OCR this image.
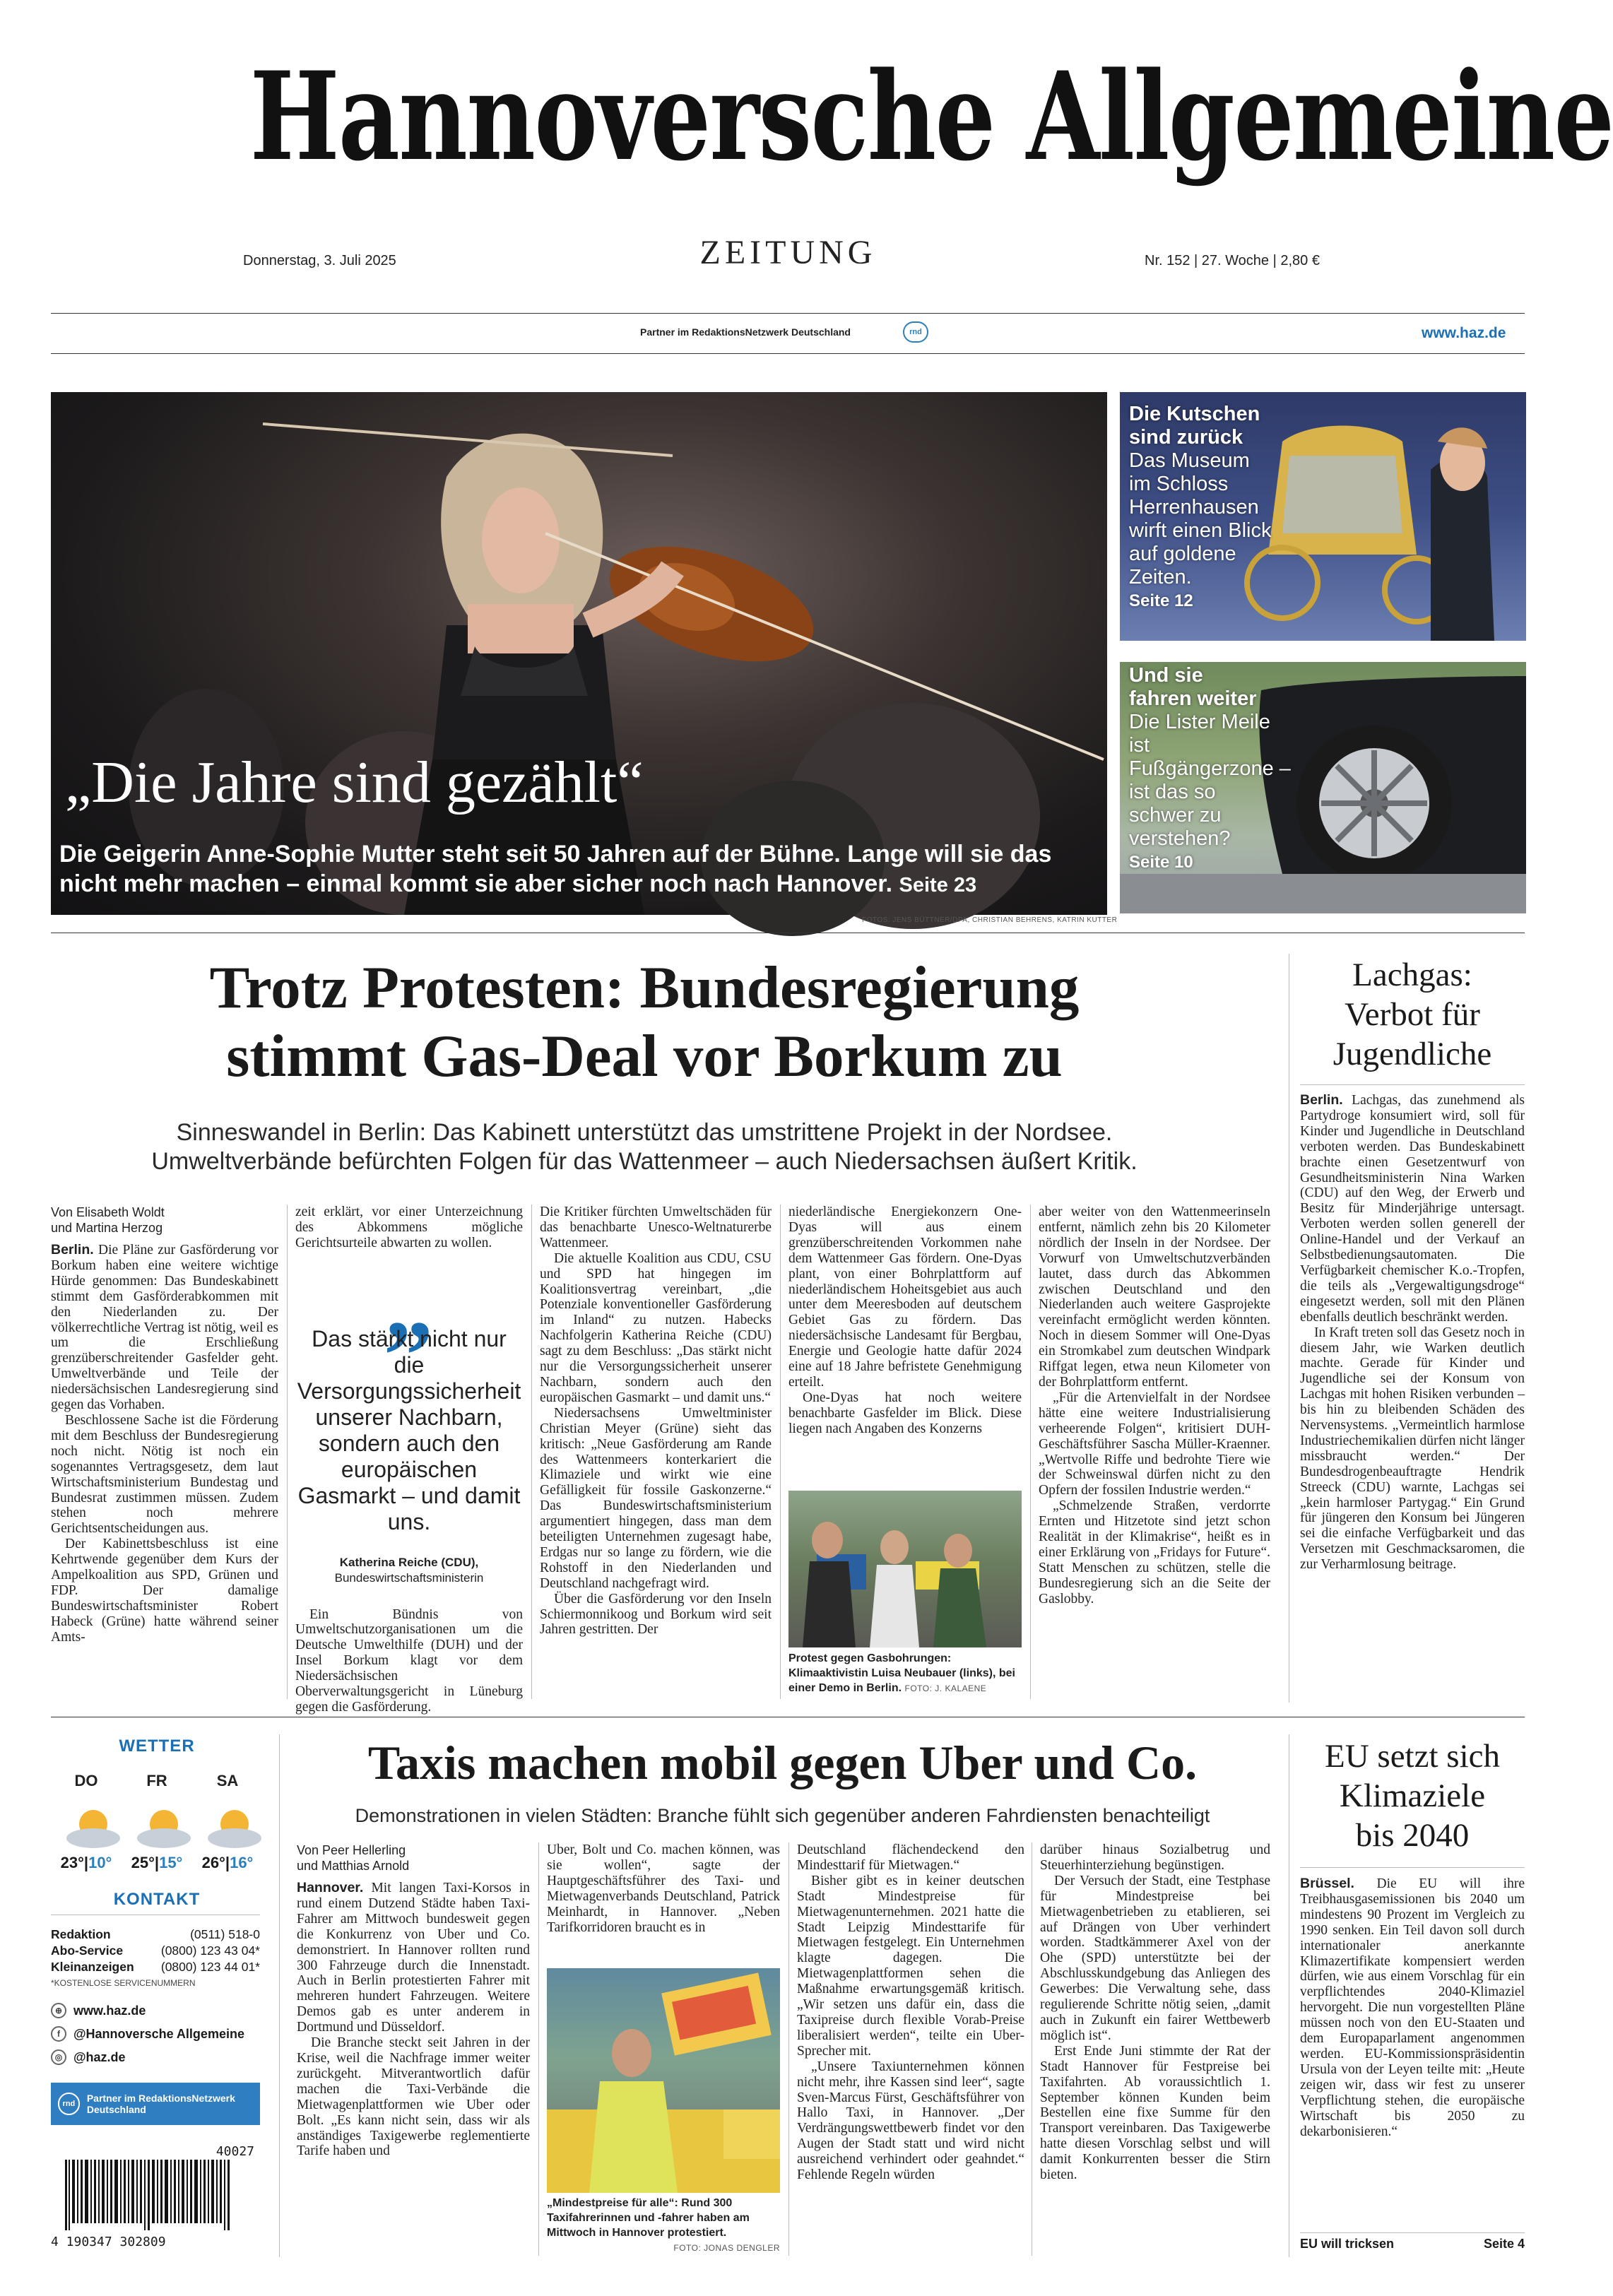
Hannoversche Allgemeine
ZEITUNG
Donnerstag, 3. Juli 2025	Nr. 152 | 27. Woche | 2,80 €
Partner im RedaktionsNetzwerk Deutschland	rnd	www.haz.de
„Die Jahre sind gezählt“
Die Geigerin Anne-Sophie Mutter steht seit 50 Jahren auf der Bühne. Lange will sie das nicht mehr machen – einmal kommt sie aber sicher noch nach Hannover. Seite 23
FOTOS: JENS BÜTTNER/DPA, CHRISTIAN BEHRENS, KATRIN KUTTER
Die Kutschen
sind zurück
Das Museum
im Schloss
Herrenhausen
wirft einen Blick
auf goldene
Zeiten.
Seite 12
Und sie
fahren weiter
Die Lister Meile
ist
Fußgängerzone –
ist das so
schwer zu
verstehen?
Seite 10
Trotz Protesten: Bundesregierung
stimmt Gas-Deal vor Borkum zu
Sinneswandel in Berlin: Das Kabinett unterstützt das umstrittene Projekt in der Nordsee.
Umweltverbände befürchten Folgen für das Wattenmeer – auch Niedersachsen äußert Kritik.
Von Elisabeth Woldt
und Martina Herzog

Berlin. Die Pläne zur Gasförderung vor Borkum haben eine weitere wichtige Hürde genommen: Das Bundeskabinett stimmt dem Gasförderabkommen mit den Niederlanden zu. Der völkerrechtliche Vertrag ist nötig, weil es um die Erschließung grenzüberschreitender Gasfelder geht. Umweltverbände und Teile der niedersächsischen Landesregierung sind gegen das Vorhaben.

Beschlossene Sache ist die Förderung mit dem Beschluss der Bundesregierung noch nicht. Nötig ist noch ein sogenanntes Vertragsgesetz, dem laut Wirtschaftsministerium Bundestag und Bundesrat zustimmen müssen. Zudem stehen noch mehrere Gerichtsentscheidungen aus.

Der Kabinettsbeschluss ist eine Kehrtwende gegenüber dem Kurs der Ampelkoalition aus SPD, Grünen und FDP. Der damalige Bundeswirtschaftsminister Robert Habeck (Grüne) hatte während seiner Amts-

zeit erklärt, vor einer Unterzeichnung des Abkommens mögliche Gerichtsurteile abwarten zu wollen.

„
Das stärkt nicht nur die Versorgungssicherheit unserer Nachbarn, sondern auch den europäischen Gasmarkt – und damit uns.
Katherina Reiche (CDU),
Bundeswirtschaftsministerin

Ein Bündnis von Umweltschutzorganisationen um die Deutsche Umwelthilfe (DUH) und der Insel Borkum klagt vor dem Niedersächsischen Oberverwaltungsgericht in Lüneburg gegen die Gasförderung.

Die Kritiker fürchten Umweltschäden für das benachbarte Unesco-Weltnaturerbe Wattenmeer.

Die aktuelle Koalition aus CDU, CSU und SPD hat hingegen im Koalitionsvertrag vereinbart, „die Potenziale konventioneller Gasförderung im Inland“ zu nutzen. Habecks Nachfolgerin Katherina Reiche (CDU) sagt zu dem Beschluss: „Das stärkt nicht nur die Versorgungssicherheit unserer Nachbarn, sondern auch den europäischen Gasmarkt – und damit uns.“

Niedersachsens Umweltminister Christian Meyer (Grüne) sieht das kritisch: „Neue Gasförderung am Rande des Wattenmeers konterkariert die Klimaziele und wirkt wie eine Gefälligkeit für fossile Gaskonzerne.“ Das Bundeswirtschaftsministerium argumentiert hingegen, dass man dem beteiligten Unternehmen zugesagt habe, Erdgas nur so lange zu fördern, wie die Rohstoff in den Niederlanden und Deutschland nachgefragt wird.

Über die Gasförderung vor den Inseln Schiermonnikoog und Borkum wird seit Jahren gestritten. Der

niederländische Energiekonzern One-Dyas will aus einem grenzüberschreitenden Vorkommen nahe dem Wattenmeer Gas fördern. One-Dyas plant, von einer Bohrplattform auf niederländischem Hoheitsgebiet aus auch unter dem Meeresboden auf deutschem Gebiet Gas zu fördern. Das niedersächsische Landesamt für Bergbau, Energie und Geologie hatte dafür 2024 eine auf 18 Jahre befristete Genehmigung erteilt.

One-Dyas hat noch weitere benachbarte Gasfelder im Blick. Diese liegen nach Angaben des Konzerns

Protest gegen Gasbohrungen: Klimaaktivistin Luisa Neubauer (links), bei einer Demo in Berlin. FOTO: J. KALAENE

aber weiter von den Wattenmeerinseln entfernt, nämlich zehn bis 20 Kilometer nördlich der Inseln in der Nordsee. Der Vorwurf von Umweltschutzverbänden lautet, dass durch das Abkommen zwischen Deutschland und den Niederlanden auch weitere Gasprojekte vereinfacht ermöglicht werden könnten. Noch in diesem Sommer will One-Dyas ein Stromkabel zum deutschen Windpark Riffgat legen, etwa neun Kilometer von der Bohrplattform entfernt.

„Für die Artenvielfalt in der Nordsee hätte eine weitere Industrialisierung verheerende Folgen“, kritisiert DUH-Geschäftsführer Sascha Müller-Kraenner. „Wertvolle Riffe und bedrohte Tiere wie der Schweinswal dürfen nicht zu den Opfern der fossilen Industrie werden.“

„Schmelzende Straßen, verdorrte Ernten und Hitzetote sind jetzt schon Realität in der Klimakrise“, heißt es in einer Erklärung von „Fridays for Future“. Statt Menschen zu schützen, stelle die Bundesregierung sich an die Seite der Gaslobby.

Lachgas:
Verbot für
Jugendliche

Berlin. Lachgas, das zunehmend als Partydroge konsumiert wird, soll für Kinder und Jugendliche in Deutschland verboten werden. Das Bundeskabinett brachte einen Gesetzentwurf von Gesundheitsministerin Nina Warken (CDU) auf den Weg, der Erwerb und Besitz für Minderjährige untersagt. Verboten werden sollen generell der Online-Handel und der Verkauf an Selbstbedienungsautomaten. Die Verfügbarkeit chemischer K.o.-Tropfen, die teils als „Vergewaltigungsdroge“ eingesetzt werden, soll mit den Plänen ebenfalls deutlich beschränkt werden.

In Kraft treten soll das Gesetz noch in diesem Jahr, wie Warken deutlich machte. Gerade für Kinder und Jugendliche sei der Konsum von Lachgas mit hohen Risiken verbunden – bis hin zu bleibenden Schäden des Nervensystems. „Vermeintlich harmlose Industriechemikalien dürfen nicht länger missbraucht werden.“ Der Bundesdrogenbeauftragte Hendrik Streeck (CDU) warnte, Lachgas sei „kein harmloser Partygag.“ Ein Grund für jüngeren den Konsum bei Jüngeren sei die einfache Verfügbarkeit und das Versetzen mit Geschmacksaromen, die zur Verharmlosung beitrage.

WETTER
DO	FR	SA
23°|10°	25°|15°	26°|16°
KONTAKT
Redaktion	(0511) 518-0
Abo-Service	(0800) 123 43 04*
Kleinanzeigen (0800) 123 44 01*
*KOSTENLOSE SERVICENUMMERN
⊕ www.haz.de
f	@Hannoversche Allgemeine
◎ @haz.de
rnd	Partner im RedaktionsNetzwerk Deutschland
40027
4 190347 302809
Taxis machen mobil gegen Uber und Co.
Demonstrationen in vielen Städten: Branche fühlt sich gegenüber anderen Fahrdiensten benachteiligt
Von Peer Hellerling
und Matthias Arnold

Hannover. Mit langen Taxi-Korsos in rund einem Dutzend Städte haben Taxi-Fahrer am Mittwoch bundesweit gegen die Konkurrenz von Uber und Co. demonstriert. In Hannover rollten rund 300 Fahrzeuge durch die Innenstadt. Auch in Berlin protestierten Fahrer mit mehreren hundert Fahrzeugen. Weitere Demos gab es unter anderem in Dortmund und Düsseldorf.

Die Branche steckt seit Jahren in der Krise, weil die Nachfrage immer weiter zurückgeht. Mitverantwortlich dafür machen die Taxi-Verbände die Mietwagenplattformen wie Uber oder Bolt. „Es kann nicht sein, dass wir als anständiges Taxigewerbe reglementierte Tarife haben und

Uber, Bolt und Co. machen können, was sie wollen“, sagte der Hauptgeschäftsführer des Taxi- und Mietwagenverbands Deutschland, Patrick Meinhardt, in Hannover. „Neben Tarifkorridoren braucht es in

„Mindestpreise für alle“: Rund 300 Taxifahrerinnen und -fahrer haben am Mittwoch in Hannover protestiert.
FOTO: JONAS DENGLER

Deutschland flächendeckend den Mindesttarif für Mietwagen.“

Bisher gibt es in keiner deutschen Stadt Mindestpreise für Mietwagenunternehmen. 2021 hatte die Stadt Leipzig Mindesttarife für Mietwagen festgelegt. Ein Unternehmen klagte dagegen. Die Mietwagenplattformen sehen die Maßnahme erwartungsgemäß kritisch. „Wir setzen uns dafür ein, dass die Taxipreise durch flexible Vorab-Preise liberalisiert werden“, teilte ein Uber-Sprecher mit.

„Unsere Taxiunternehmen können nicht mehr, ihre Kassen sind leer“, sagte Sven-Marcus Fürst, Geschäftsführer von Hallo Taxi, in Hannover. „Der Verdrängungswettbewerb findet vor den Augen der Stadt statt und wird nicht ausreichend verhindert oder geahndet.“ Fehlende Regeln würden

darüber hinaus Sozialbetrug und Steuerhinterziehung begünstigen.

Der Versuch der Stadt, eine Testphase für Mindestpreise bei Mietwagenbetrieben zu etablieren, sei auf Drängen von Uber verhindert worden. Stadtkämmerer Axel von der Ohe (SPD) unterstützte bei der Abschlusskundgebung das Anliegen des Gewerbes: Die Verwaltung sehe, dass regulierende Schritte nötig seien, „damit auch in Zukunft ein fairer Wettbewerb möglich ist“.

Erst Ende Juni stimmte der Rat der Stadt Hannover für Festpreise bei Taxifahrten. Ab voraussichtlich 1. September können Kunden beim Bestellen eine fixe Summe für den Transport vereinbaren. Das Taxigewerbe hatte diesen Vorschlag selbst und will damit Konkurrenten besser die Stirn bieten.

EU setzt sich
Klimaziele
bis 2040

Brüssel. Die EU will ihre Treibhausgasemissionen bis 2040 um mindestens 90 Prozent im Vergleich zu 1990 senken. Ein Teil davon soll durch internationaler anerkannte Klimazertifikate kompensiert werden dürfen, wie aus einem Vorschlag für ein verpflichtendes 2040-Klimaziel hervorgeht. Die nun vorgestellten Pläne müssen noch von den EU-Staaten und dem Europaparlament angenommen werden. EU-Kommissionspräsidentin Ursula von der Leyen teilte mit: „Heute zeigen wir, dass wir fest zu unserer Verpflichtung stehen, die europäische Wirtschaft bis 2050 zu dekarbonisieren.“

EU will tricksen	Seite 4
